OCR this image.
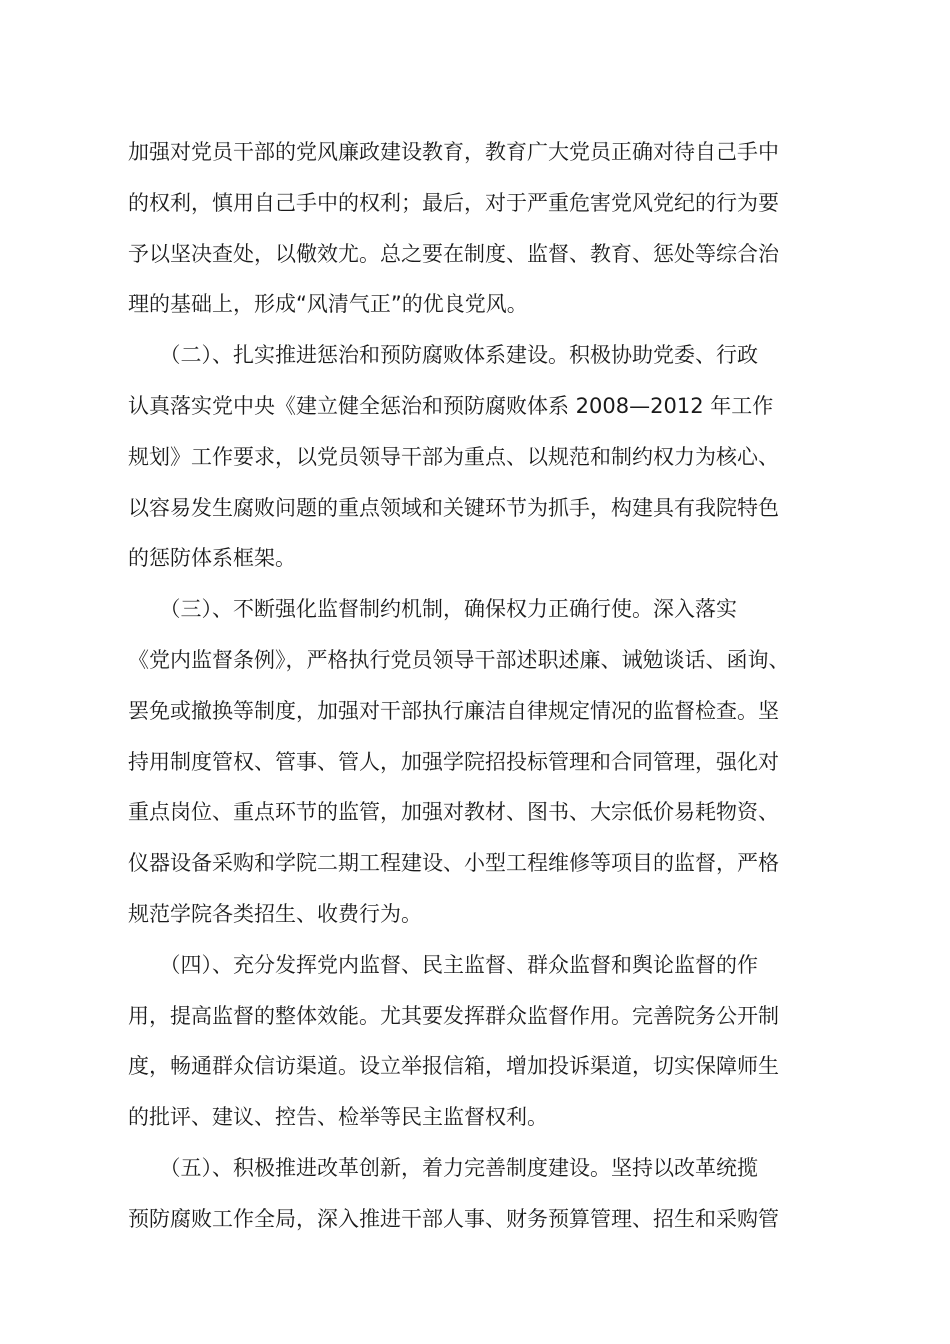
加强对党员干部的党风廉政建设教育，教育广大党员正确对待自己手中
的权利，慎用自己手中的权利；最后，对于严重危害党风党纪的行为要
予以坚决查处，以儆效尤。总之要在制度、监督、教育、惩处等综合治
理的基础上，形成“风清气正”的优良党风。
　　（二）、扎实推进惩治和预防腐败体系建设。积极协助党委、行政
认真落实党中央《建立健全惩治和预防腐败体系 2008—2012 年工作
规划》工作要求，以党员领导干部为重点、以规范和制约权力为核心、
以容易发生腐败问题的重点领域和关键环节为抓手，构建具有我院特色
的惩防体系框架。
　　（三）、不断强化监督制约机制，确保权力正确行使。深入落实
《党内监督条例》，严格执行党员领导干部述职述廉、诫勉谈话、函询、
罢免或撤换等制度，加强对干部执行廉洁自律规定情况的监督检查。坚
持用制度管权、管事、管人，加强学院招投标管理和合同管理，强化对
重点岗位、重点环节的监管，加强对教材、图书、大宗低价易耗物资、
仪器设备采购和学院二期工程建设、小型工程维修等项目的监督，严格
规范学院各类招生、收费行为。
　　（四）、充分发挥党内监督、民主监督、群众监督和舆论监督的作
用，提高监督的整体效能。尤其要发挥群众监督作用。完善院务公开制
度，畅通群众信访渠道。设立举报信箱，增加投诉渠道，切实保障师生
的批评、建议、控告、检举等民主监督权利。
　　（五）、积极推进改革创新，着力完善制度建设。坚持以改革统揽
预防腐败工作全局，深入推进干部人事、财务预算管理、招生和采购管
